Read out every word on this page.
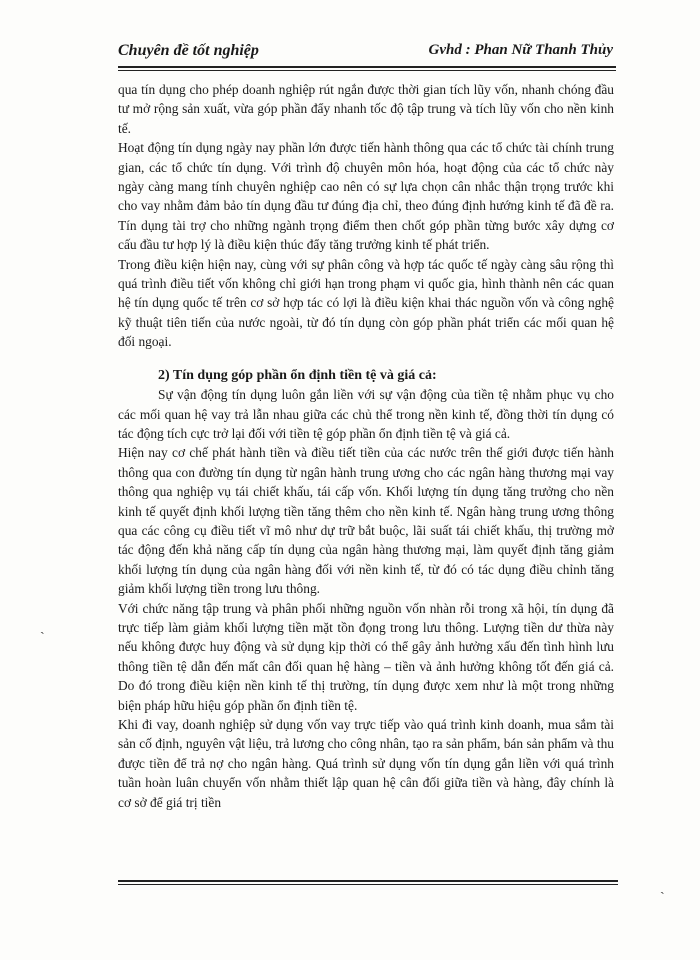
Chuyên đề tốt nghiệp	Gvhd : Phan Nữ Thanh Thủy

qua tín dụng cho phép doanh nghiệp rút ngắn được thời gian tích lũy vốn, nhanh chóng đầu tư mở rộng sản xuất, vừa góp phần đẩy nhanh tốc độ tập trung và tích lũy vốn cho nền kinh tế.

Hoạt động tín dụng ngày nay phần lớn được tiến hành thông qua các tổ chức tài chính trung gian, các tổ chức tín dụng. Với trình độ chuyên môn hóa, hoạt động của các tổ chức này ngày càng mang tính chuyên nghiệp cao nên có sự lựa chọn cân nhắc thận trọng trước khi cho vay nhằm đảm bảo tín dụng đầu tư đúng địa chỉ, theo đúng định hướng kinh tế đã đề ra. Tín dụng tài trợ cho những ngành trọng điểm then chốt góp phần từng bước xây dựng cơ cấu đầu tư hợp lý là điều kiện thúc đẩy tăng trưởng kinh tế phát triển.

Trong điều kiện hiện nay, cùng với sự phân công và hợp tác quốc tế ngày càng sâu rộng thì quá trình điều tiết vốn không chỉ giới hạn trong phạm vi quốc gia, hình thành nên các quan hệ tín dụng quốc tế trên cơ sở hợp tác có lợi là điều kiện khai thác nguồn vốn và công nghệ kỹ thuật tiên tiến của nước ngoài, từ đó tín dụng còn góp phần phát triển các mối quan hệ đối ngoại.

2) Tín dụng góp phần ổn định tiền tệ và giá cả:

Sự vận động tín dụng luôn gắn liền với sự vận động của tiền tệ nhằm phục vụ cho các mối quan hệ vay trả lẫn nhau giữa các chủ thể trong nền kinh tế, đồng thời tín dụng có tác động tích cực trở lại đối với tiền tệ góp phần ổn định tiền tệ và giá cả.

Hiện nay cơ chế phát hành tiền và điều tiết tiền của các nước trên thế giới được tiến hành thông qua con đường tín dụng từ ngân hành trung ương cho các ngân hàng thương mại vay thông qua nghiệp vụ tái chiết khấu, tái cấp vốn. Khối lượng tín dụng tăng trưởng cho nền kinh tế quyết định khối lượng tiền tăng thêm cho nền kinh tế. Ngân hàng trung ương thông qua các công cụ điều tiết vĩ mô như dự trữ bắt buộc, lãi suất tái chiết khấu, thị trường mở tác động đến khả năng cấp tín dụng của ngân hàng thương mại, làm quyết định tăng giảm khối lượng tín dụng của ngân hàng đối với nền kinh tế, từ đó có tác dụng điều chỉnh tăng giảm khối lượng tiền trong lưu thông.

Với chức năng tập trung và phân phối những nguồn vốn nhàn rỗi trong xã hội, tín dụng đã trực tiếp làm giảm khối lượng tiền mặt tồn đọng trong lưu thông. Lượng tiền dư thừa này nếu không được huy động và sử dụng kịp thời có thể gây ảnh hưởng xấu đến tình hình lưu thông tiền tệ dẫn đến mất cân đối quan hệ hàng – tiền và ảnh hưởng không tốt đến giá cả. Do đó trong điều kiện nền kinh tế thị trường, tín dụng được xem như là một trong những biện pháp hữu hiệu góp phần ổn định tiền tệ.

Khi đi vay, doanh nghiệp sử dụng vốn vay trực tiếp vào quá trình kinh doanh, mua sắm tài sản cố định, nguyên vật liệu, trả lương cho công nhân, tạo ra sản phẩm, bán sản phẩm và thu được tiền để trả nợ cho ngân hàng. Quá trình sử dụng vốn tín dụng gắn liền với quá trình tuần hoàn luân chuyển vốn nhằm thiết lập quan hệ cân đối giữa tiền và hàng, đây chính là cơ sở để giá trị tiền

ˎ
ˏ
